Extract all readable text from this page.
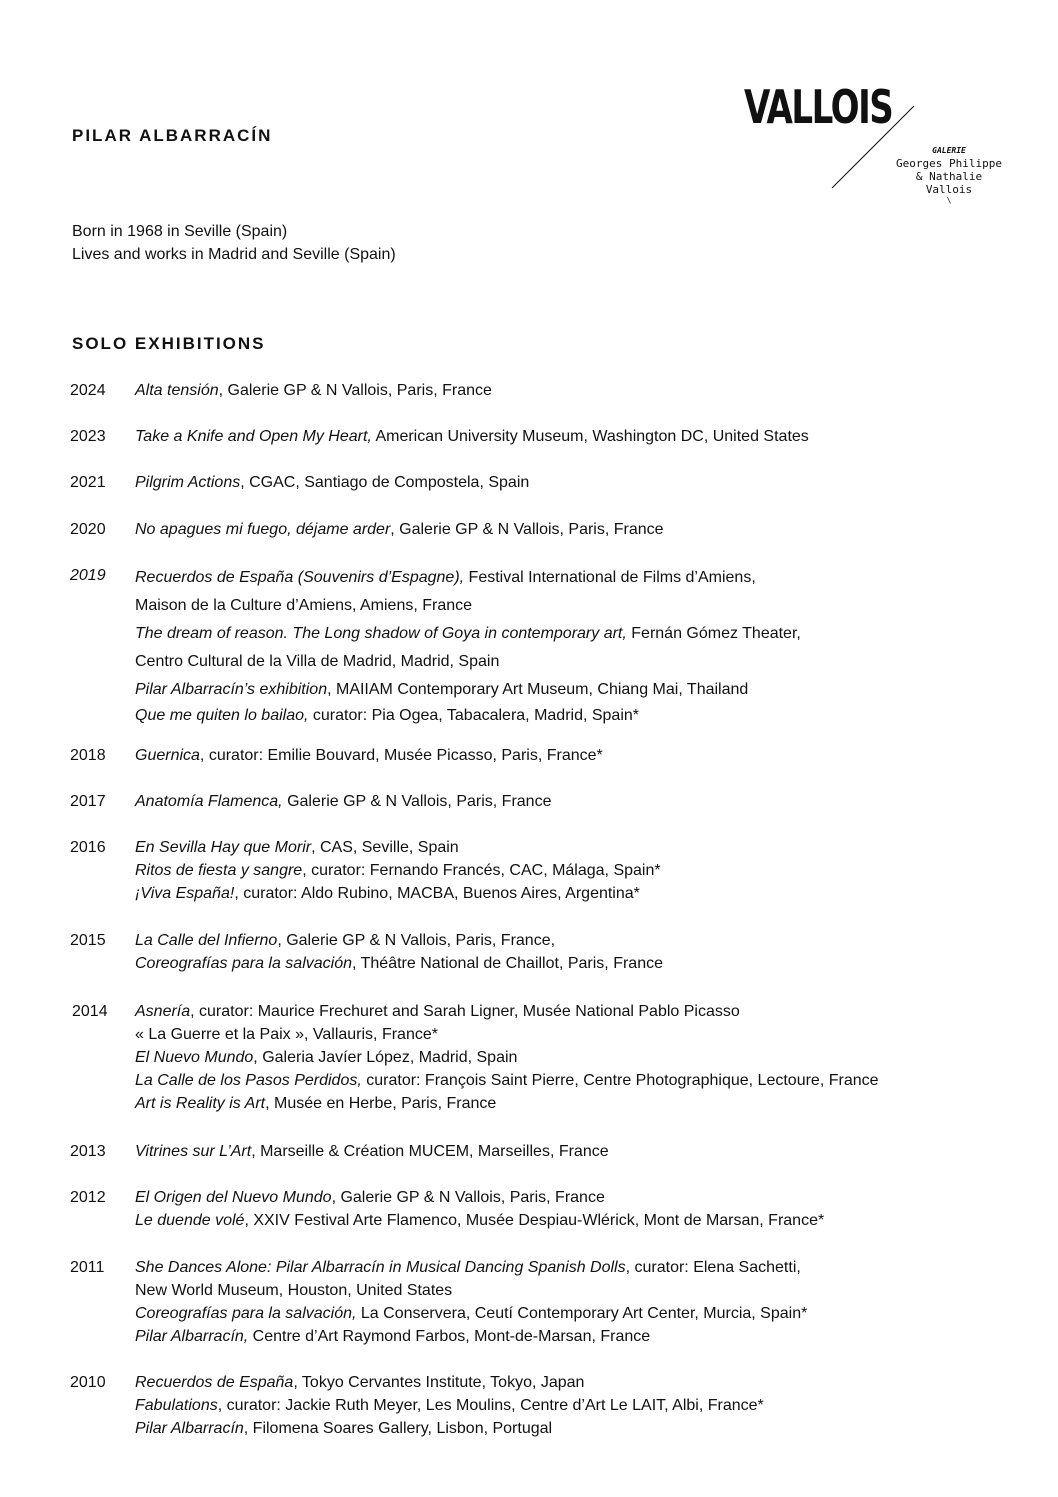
PILAR ALBARRACÍN
VALLOIS
GALERIE
Georges Philippe
& Nathalie
Vallois
\
Born in 1968 in Seville (Spain)
Lives and works in Madrid and Seville (Spain)
SOLO EXHIBITIONS
2024	Alta tensión, Galerie GP & N Vallois, Paris, France
2023	Take a Knife and Open My Heart, American University Museum, Washington DC, United States
2021	Pilgrim Actions, CGAC, Santiago de Compostela, Spain
2020	No apagues mi fuego, déjame arder, Galerie GP & N Vallois, Paris, France
2019	Recuerdos de España (Souvenirs d’Espagne), Festival International de Films d’Amiens,
Maison de la Culture d’Amiens, Amiens, France
The dream of reason. The Long shadow of Goya in contemporary art, Fernán Gómez Theater,
Centro Cultural de la Villa de Madrid, Madrid, Spain
Pilar Albarracín’s exhibition, MAIIAM Contemporary Art Museum, Chiang Mai, Thailand
Que me quiten lo bailao, curator: Pia Ogea, Tabacalera, Madrid, Spain*
2018	Guernica, curator: Emilie Bouvard, Musée Picasso, Paris, France*
2017	Anatomía Flamenca, Galerie GP & N Vallois, Paris, France
2016	En Sevilla Hay que Morir, CAS, Seville, Spain
Ritos de fiesta y sangre, curator: Fernando Francés, CAC, Málaga, Spain*
¡Viva España!, curator: Aldo Rubino, MACBA, Buenos Aires, Argentina*
2015	La Calle del Infierno, Galerie GP & N Vallois, Paris, France,
Coreografías para la salvación, Théâtre National de Chaillot, Paris, France
2014	Asnería, curator: Maurice Frechuret and Sarah Ligner, Musée National Pablo Picasso
« La Guerre et la Paix », Vallauris, France*
El Nuevo Mundo, Galeria Javíer López, Madrid, Spain
La Calle de los Pasos Perdidos, curator: François Saint Pierre, Centre Photographique, Lectoure, France
Art is Reality is Art, Musée en Herbe, Paris, France
2013	Vitrines sur L’Art, Marseille & Création MUCEM, Marseilles, France
2012	El Origen del Nuevo Mundo, Galerie GP & N Vallois, Paris, France
Le duende volé, XXIV Festival Arte Flamenco, Musée Despiau-Wlérick, Mont de Marsan, France*
2011	She Dances Alone: Pilar Albarracín in Musical Dancing Spanish Dolls, curator: Elena Sachetti,
New World Museum, Houston, United States
Coreografías para la salvación, La Conservera, Ceutí Contemporary Art Center, Murcia, Spain*
Pilar Albarracín, Centre d’Art Raymond Farbos, Mont-de-Marsan, France
2010	Recuerdos de España, Tokyo Cervantes Institute, Tokyo, Japan
Fabulations, curator: Jackie Ruth Meyer, Les Moulins, Centre d’Art Le LAIT, Albi, France*
Pilar Albarracín, Filomena Soares Gallery, Lisbon, Portugal
